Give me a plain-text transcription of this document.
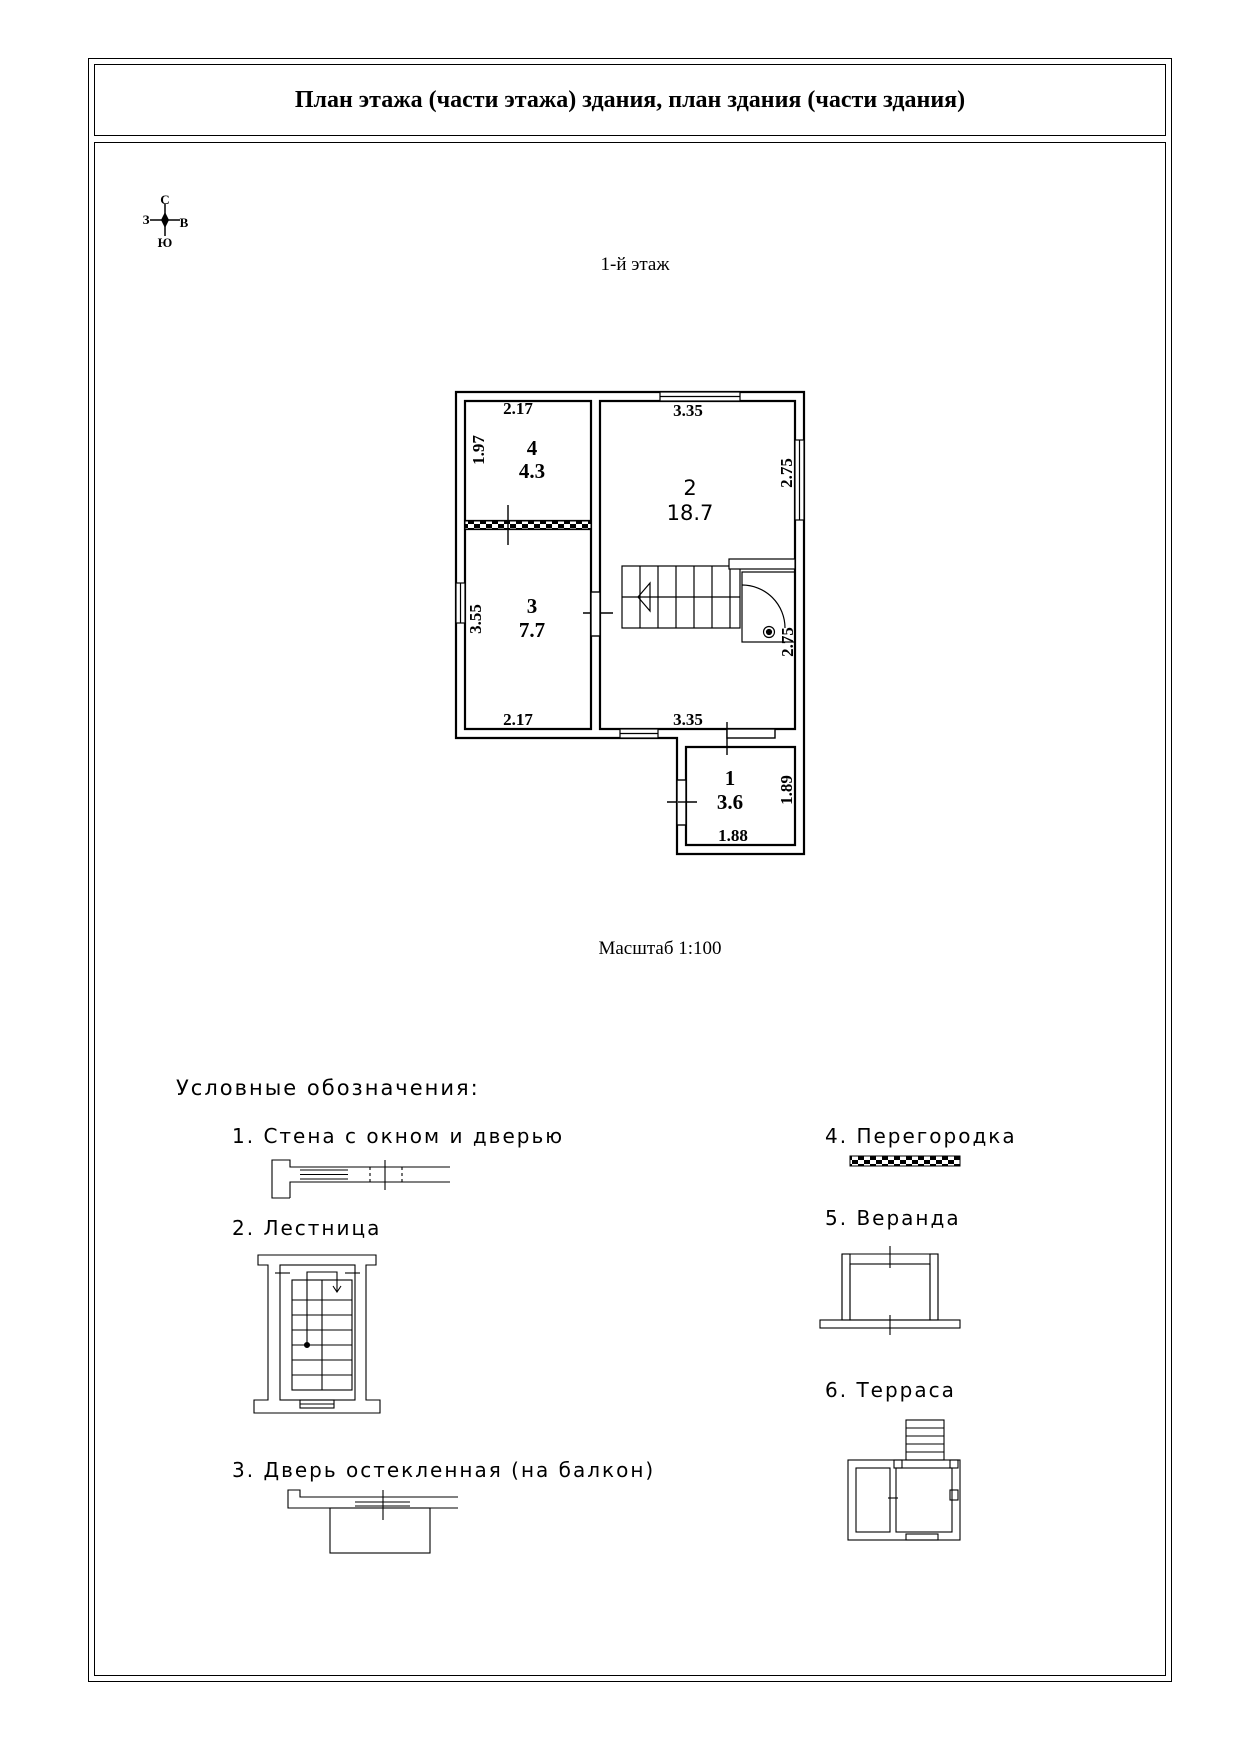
План этажа (части этажа) здания, план здания (части здания)
С
Ю
З В
1-й этаж
4
4.3
2.17
1.97
3
7.7
3.55
2.17
2
18.7
3.35
2.75
2.75
3.35
1
3.6 1.89
1.88
Масштаб 1:100
Условные обозначения:
1. Стена с окном и дверью
2. Лестница
3. Дверь остекленная (на балкон)
4. Перегородка
5. Веранда
6. Терраса
